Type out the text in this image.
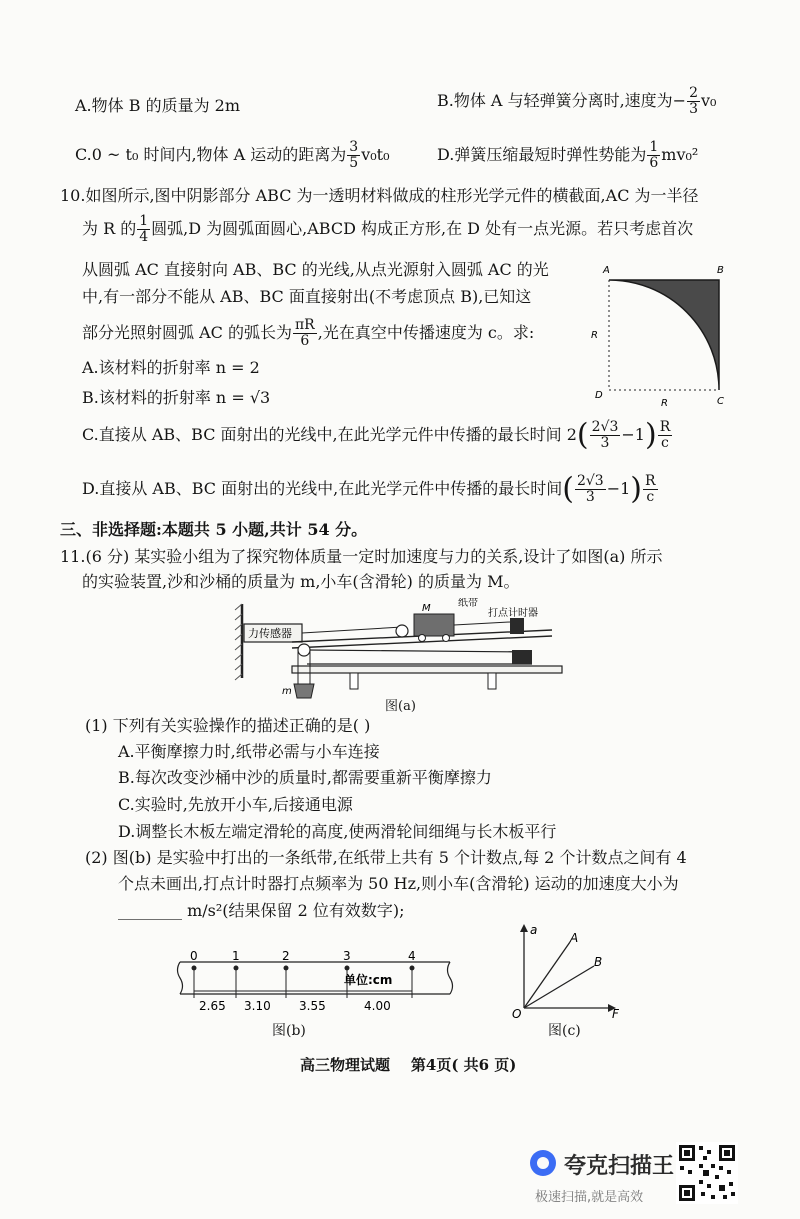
A.物体 B 的质量为 2m	B.物体 A 与轻弹簧分离时,速度为− $\frac{2}{3} v_0$
C.0 ~ t₀ 时间内,物体 A 运动的距离为 $\frac{3}{5} v_0t_0$	D.弹簧压缩最短时弹性势能为 $\frac{1}{6} mv_0^2$
10.如图所示,图中阴影部分 ABC 为一透明材料做成的柱形光学元件的横截面,AC 为一半径
为 R 的 $\frac{1}{4}$ 圆弧,D 为圆弧面圆心,ABCD 构成正方形,在 D 处有一点光源。若只考虑首次
从圆弧 AC 直接射向 AB、BC 的光线,从点光源射入圆弧 AC 的光
中,有一部分不能从 AB、BC 面直接射出(不考虑顶点 B),已知这
部分光照射圆弧 AC 的弧长为 $\frac{\pi R}{6}$ ,光在真空中传播速度为 c。求:
A.该材料的折射率 n = 2
B.该材料的折射率 n = √3
C.直接从 AB、BC 面射出的光线中,在此光学元件中传播的最长时间 $2( \frac{2√3}{3} -1) \frac{R}{c}$
D.直接从 AB、BC 面射出的光线中,在此光学元件中传播的最长时间( $\frac{2√3}{3} -1) \frac{R}{c}$
A	B
C
D
R
R
三、非选择题:本题共 5 小题,共计 54 分。
11.(6 分) 某实验小组为了探究物体质量一定时加速度与力的关系,设计了如图(a) 所示
的实验装置,沙和沙桶的质量为 m,小车(含滑轮) 的质量为 M。
力传感器
M	纸带
打点计时器
m
图(a)
(1) 下列有关实验操作的描述正确的是( )
A.平衡摩擦力时,纸带必需与小车连接
B.每次改变沙桶中沙的质量时,都需要重新平衡摩擦力
C.实验时,先放开小车,后接通电源
D.调整长木板左端定滑轮的高度,使两滑轮间细绳与长木板平行
(2) 图(b) 是实验中打出的一条纸带,在纸带上共有 5 个计数点,每 2 个计数点之间有 4
个点未画出,打点计时器打点频率为 50 Hz,则小车(含滑轮) 运动的加速度大小为
________ m/s²(结果保留 2 位有效数字);
0	1	2	3	4
单位:cm
2.65 3.10 3.55	4.00
图(b)
a
F
O
A
B
图(c)
高三物理试题    第4页( 共6 页)
夸克扫描王
极速扫描,就是高效
